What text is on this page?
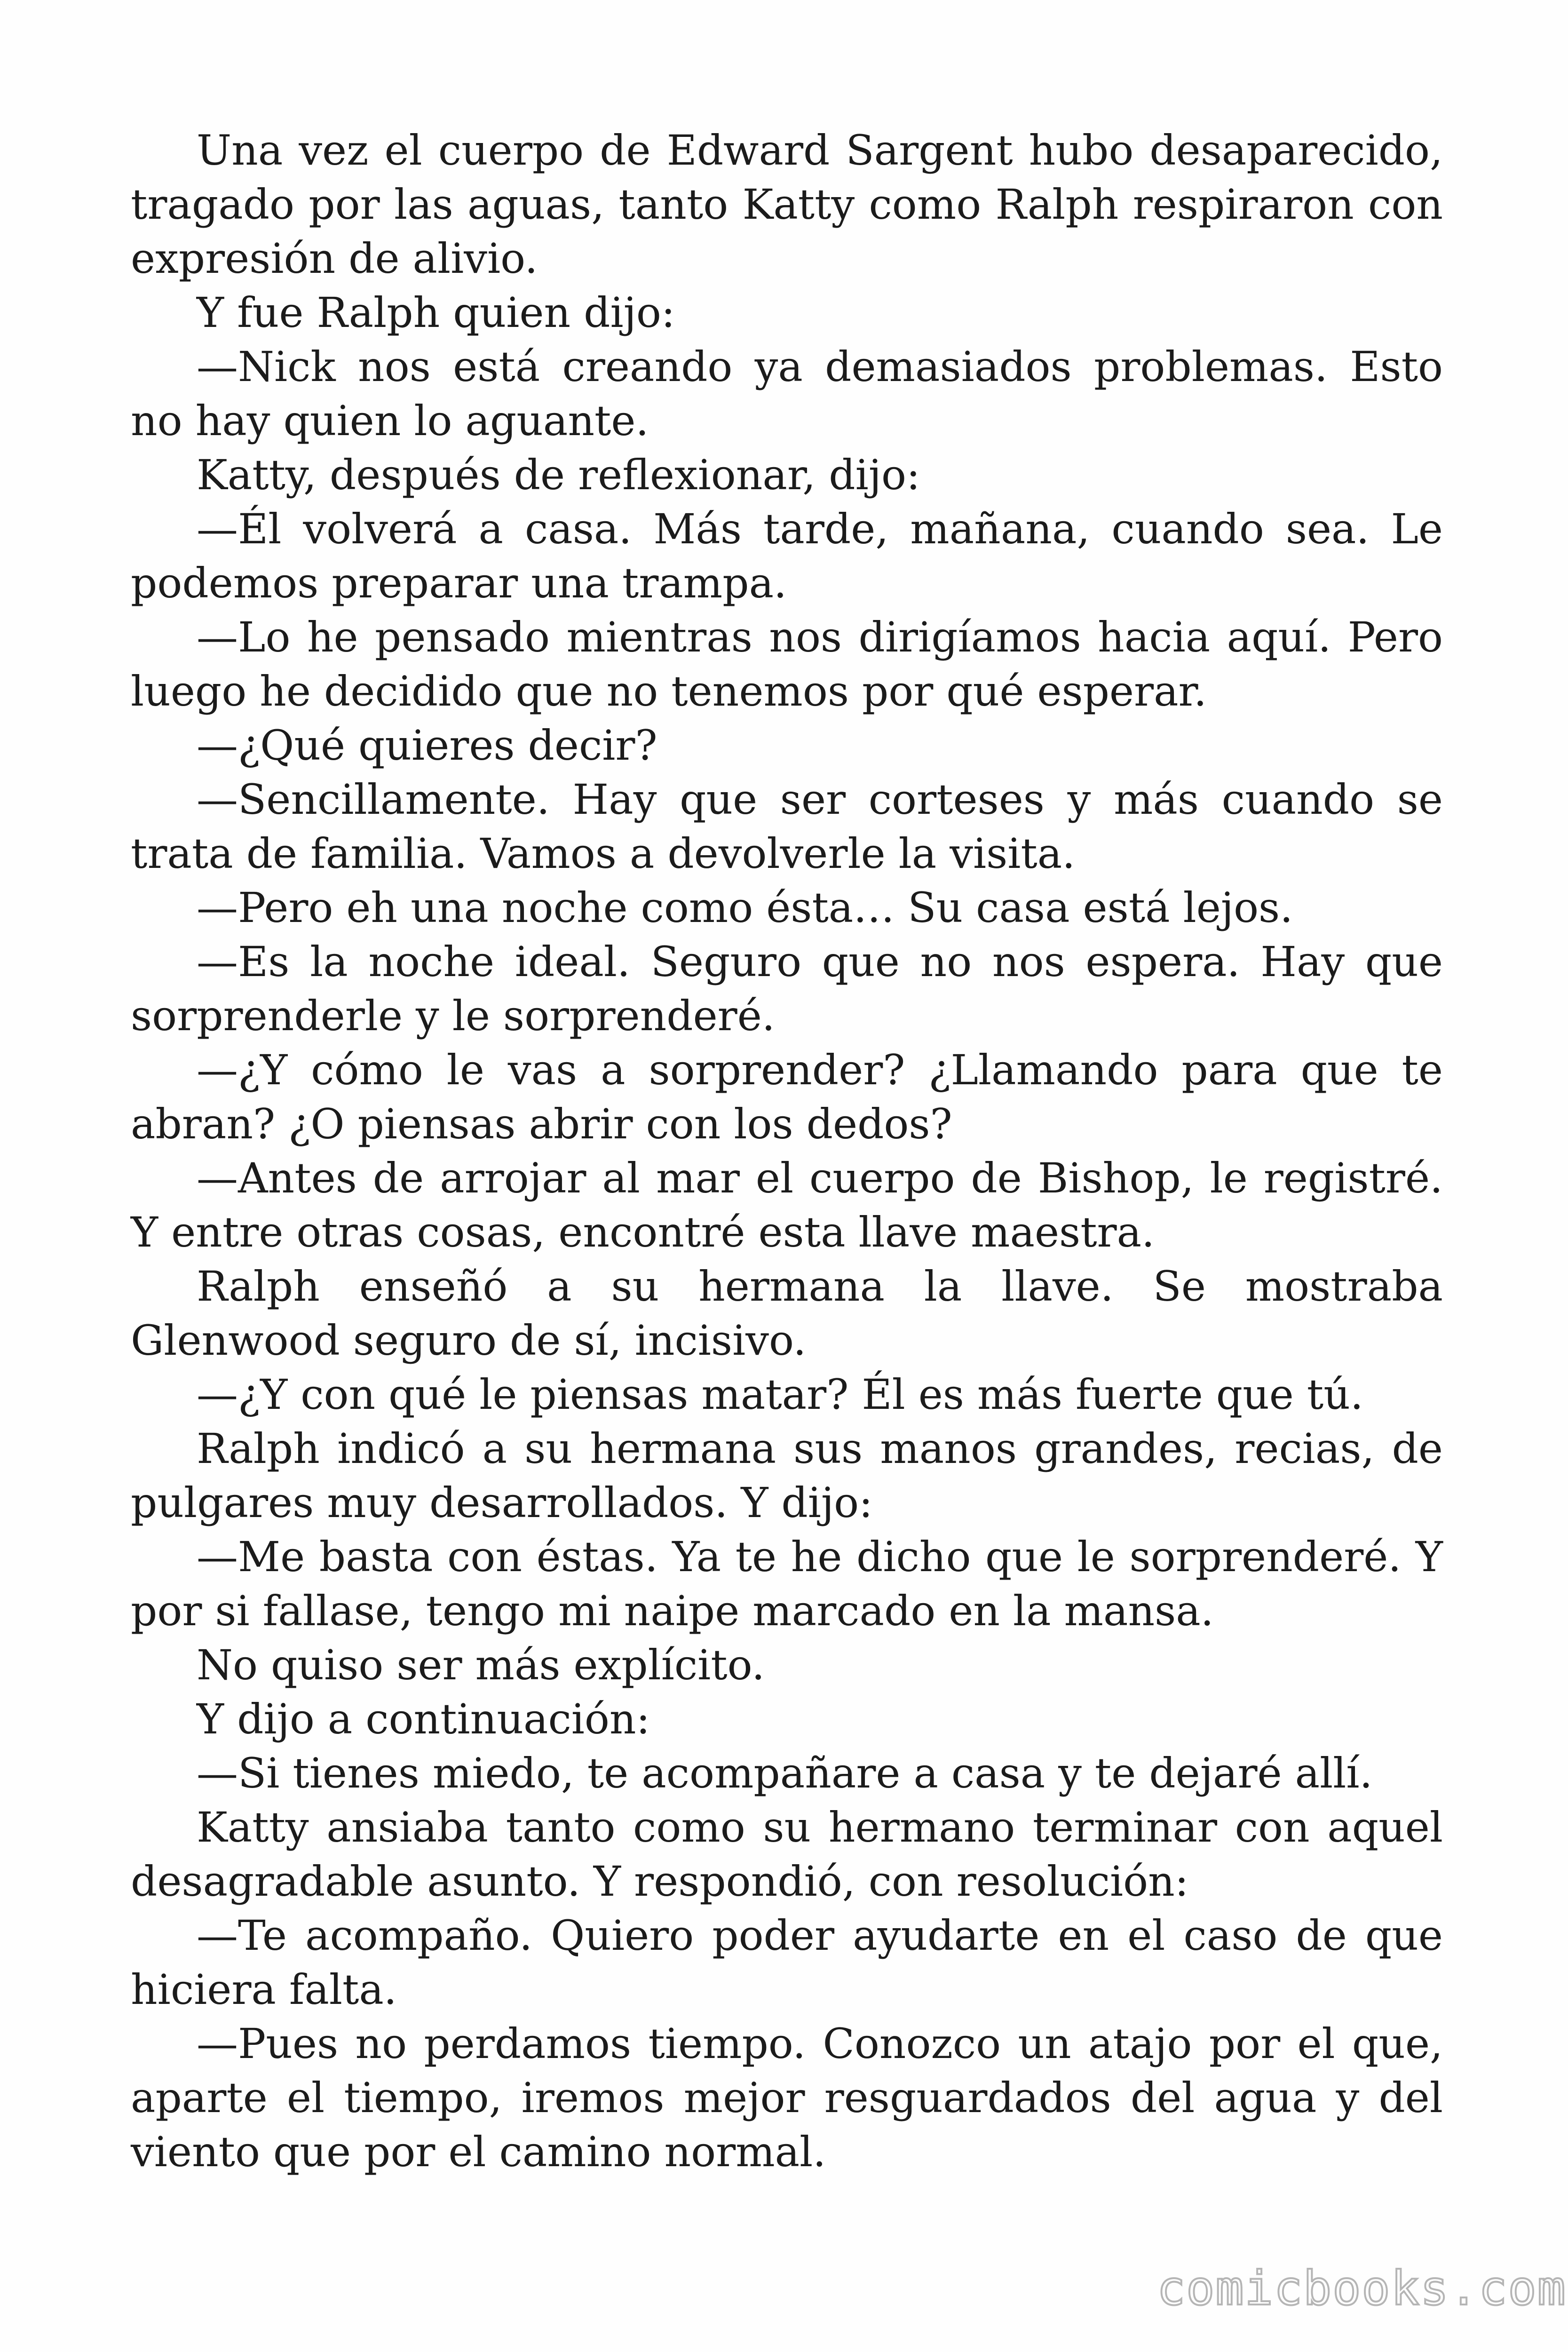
Una vez el cuerpo de Edward Sargent hubo desaparecido, tragado por las aguas, tanto Katty como Ralph respiraron con expresión de alivio.

Y fue Ralph quien dijo:

—Nick nos está creando ya demasiados problemas. Esto no hay quien lo aguante.

Katty, después de reflexionar, dijo:

—Él volverá a casa. Más tarde, mañana, cuando sea. Le podemos preparar una trampa.

—Lo he pensado mientras nos dirigíamos hacia aquí. Pero luego he decidido que no tenemos por qué esperar.

—¿Qué quieres decir?

—Sencillamente. Hay que ser corteses y más cuando se trata de familia. Vamos a devolverle la visita.

—Pero eh una noche como ésta… Su casa está lejos.

—Es la noche ideal. Seguro que no nos espera. Hay que sorprenderle y le sorprenderé.

—¿Y cómo le vas a sorprender? ¿Llamando para que te abran? ¿O piensas abrir con los dedos?

—Antes de arrojar al mar el cuerpo de Bishop, le registré. Y entre otras cosas, encontré esta llave maestra.

Ralph enseñó a su hermana la llave. Se mostraba Glenwood seguro de sí, incisivo.

—¿Y con qué le piensas matar? Él es más fuerte que tú.

Ralph indicó a su hermana sus manos grandes, recias, de pulgares muy desarrollados. Y dijo:

—Me basta con éstas. Ya te he dicho que le sorprenderé. Y por si fallase, tengo mi naipe marcado en la mansa.

No quiso ser más explícito.

Y dijo a continuación:

—Si tienes miedo, te acompañare a casa y te dejaré allí.

Katty ansiaba tanto como su hermano terminar con aquel desagradable asunto. Y respondió, con resolución:

—Te acompaño. Quiero poder ayudarte en el caso de que hiciera falta.

—Pues no perdamos tiempo. Conozco un atajo por el que, aparte el tiempo, iremos mejor resguardados del agua y del viento que por el camino normal.

comicbooks.com
